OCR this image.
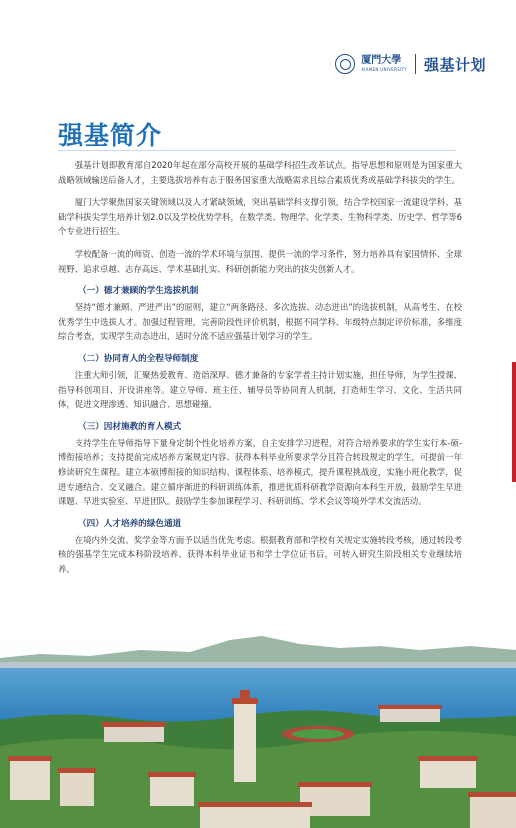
厦門大學
XIAMEN UNIVERSITY 强基计划
强基简介

强基计划即教育部自2020年起在部分高校开展的基础学科招生改革试点。指导思想和原则是为国家重大战略领域输送后备人才，主要选拔培养有志于服务国家重大战略需求且综合素质优秀或基础学科拔尖的学生。

厦门大学聚焦国家关键领域以及人才紧缺领域，突出基础学科支撑引领，结合学校国家一流建设学科、基础学科拔尖学生培养计划2.0以及学校优势学科，在数学类、物理学、化学类、生物科学类、历史学、哲学等6个专业进行招生。

学校配备一流的师资、创造一流的学术环境与氛围、提供一流的学习条件，努力培养具有家国情怀、全球视野、追求卓越、志存高远、学术基础扎实、科研创新能力突出的拔尖创新人才。

（一）德才兼顾的学生选拔机制

坚持“德才兼顾、严进严出”的原则，建立“两条路径、多次选拔、动态进出”的选拔机制，从高考生、在校优秀学生中选拔人才。加强过程管理，完善阶段性评价机制，根据不同学科、年级特点制定评价标准，多维度综合考查，实现学生动态进出，适时分流不适应强基计划学习的学生。

（二）协同育人的全程导师制度

注重大师引领，汇聚热爱教育、造诣深厚、德才兼备的专家学者主持计划实施，担任导师，为学生授课、指导科创项目、开设讲座等。建立导师、班主任、辅导员等协同育人机制，打造师生学习、文化、生活共同体，促进文理渗透、知识融合、思想碰撞。

（三）因材施教的育人模式

支持学生在导师指导下量身定制个性化培养方案，自主安排学习进程，对符合培养要求的学生实行本-硕-博衔接培养；支持提前完成培养方案规定内容、获得本科毕业所要求学分且符合转段规定的学生，可提前一年修读研究生课程。建立本硕博衔接的知识结构、课程体系、培养模式，提升课程挑战度，实施小班化教学，促进专通结合、交叉融合。建立循序渐进的科研训练体系，推进优质科研教学资源向本科生开放，鼓励学生早进课题、早进实验室、早进团队。鼓励学生参加课程学习、科研训练、学术会议等境外学术交流活动。

（四）人才培养的绿色通道

在境内外交流、奖学金等方面予以适当优先考虑。根据教育部和学校有关规定实施转段考核，通过转段考核的强基学生完成本科阶段培养、获得本科毕业证书和学士学位证书后，可转入研究生阶段相关专业继续培养。
